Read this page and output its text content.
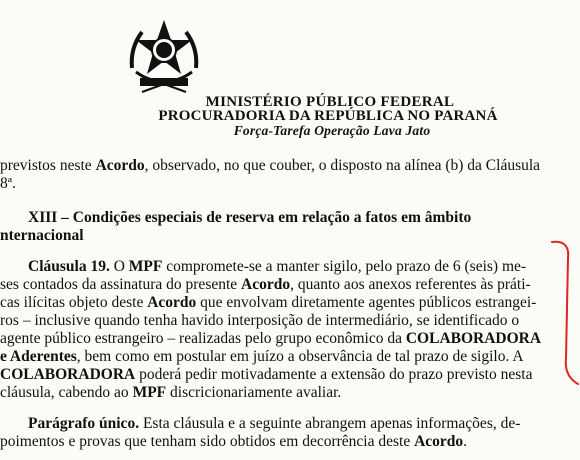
MINISTÉRIO PÚBLICO FEDERAL
PROCURADORIA DA REPÚBLICA NO PARANÁ
Força-Tarefa Operação Lava Jato
previstos neste Acordo, observado, no que couber, o disposto na alínea (b) da Cláusula
8ª.
XIII – Condições especiais de reserva em relação a fatos em âmbito
nternacional
Cláusula 19. O MPF compromete-se a manter sigilo, pelo prazo de 6 (seis) me-
ses contados da assinatura do presente Acordo, quanto aos anexos referentes às práti-
cas ilícitas objeto deste Acordo que envolvam diretamente agentes públicos estrangei-
ros – inclusive quando tenha havido interposição de intermediário, se identificado o
agente público estrangeiro – realizadas pelo grupo econômico da COLABORADORA
e Aderentes, bem como em postular em juízo a observância de tal prazo de sigilo. A
COLABORADORA poderá pedir motivadamente a extensão do prazo previsto nesta
cláusula, cabendo ao MPF discricionariamente avaliar.
Parágrafo único. Esta cláusula e a seguinte abrangem apenas informações, de-
poimentos e provas que tenham sido obtidos em decorrência deste Acordo.
